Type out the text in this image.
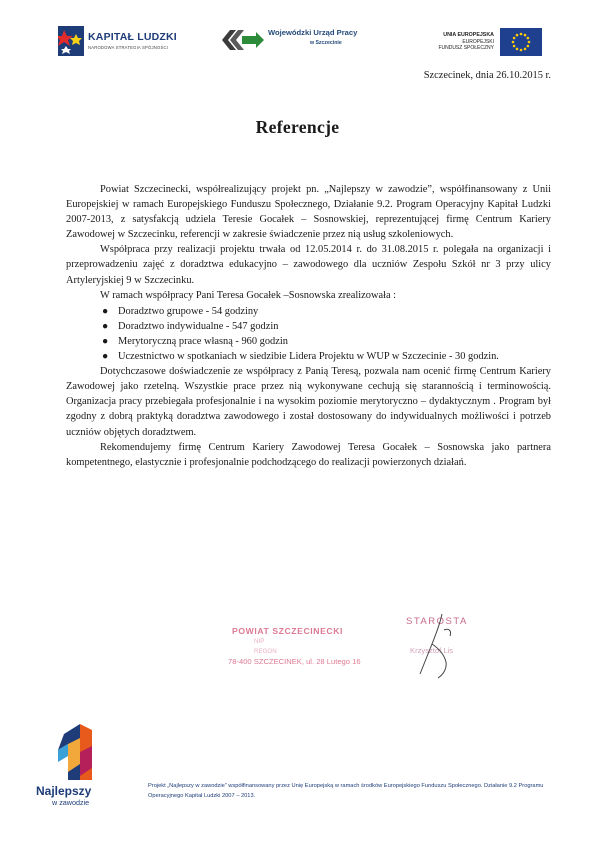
KAPITAŁ LUDZKI
NARODOWA STRATEGIA SPÓJNOŚCI
Wojewódzki Urząd Pracy
w Szczecinie
UNIA EUROPEJSKA
EUROPEJSKI
FUNDUSZ SPOŁECZNY
Szczecinek, dnia 26.10.2015 r.
Referencje

Powiat Szczecinecki, współrealizujący projekt pn. „Najlepszy w zawodzie”, współfinansowany z Unii Europejskiej w ramach Europejskiego Funduszu Społecznego, Działanie 9.2. Program Operacyjny Kapitał Ludzki 2007-2013, z satysfakcją udziela Teresie Gocałek – Sosnowskiej, reprezentującej firmę Centrum Kariery Zawodowej w Szczecinku, referencji w zakresie świadczenie przez nią usług szkoleniowych.

Współpraca przy realizacji projektu trwała od 12.05.2014 r. do 31.08.2015 r. polegała na organizacji i przeprowadzeniu zajęć z doradztwa edukacyjno – zawodowego dla uczniów Zespołu Szkół nr 3 przy ulicy Artyleryjskiej 9 w Szczecinku.

W ramach współpracy Pani Teresa Gocałek –Sosnowska zrealizowała :

● Doradztwo grupowe - 54 godziny
● Doradztwo indywidualne - 547 godzin
● Merytoryczną prace własną - 960 godzin
● Uczestnictwo w spotkaniach w siedzibie Lidera Projektu w WUP w Szczecinie - 30 godzin.

Dotychczasowe doświadczenie ze współpracy z Panią Teresą, pozwala nam ocenić firmę Centrum Kariery Zawodowej jako rzetelną. Wszystkie prace przez nią wykonywane cechują się starannością i terminowością. Organizacja pracy przebiegała profesjonalnie i na wysokim poziomie merytoryczno – dydaktycznym . Program był zgodny z dobrą praktyką doradztwa zawodowego i został dostosowany do indywidualnych możliwości i potrzeb uczniów objętych doradztwem.

Rekomendujemy firmę Centrum Kariery Zawodowej Teresa Gocałek – Sosnowska jako partnera kompetentnego, elastycznie i profesjonalnie podchodzącego do realizacji powierzonych działań.

POWIAT SZCZECINECKI
NIP
REGON
78-400 SZCZECINEK, ul. 28 Lutego 16
STAROSTA
Krzysztof Lis
Najlepszy
w zawodzie
Projekt „Najlepszy w zawodzie” współfinansowany przez Unię Europejską w ramach środków Europejskiego Funduszu Społecznego. Działanie 9.2 Programu Operacyjnego Kapitał Ludzki 2007 – 2013.
